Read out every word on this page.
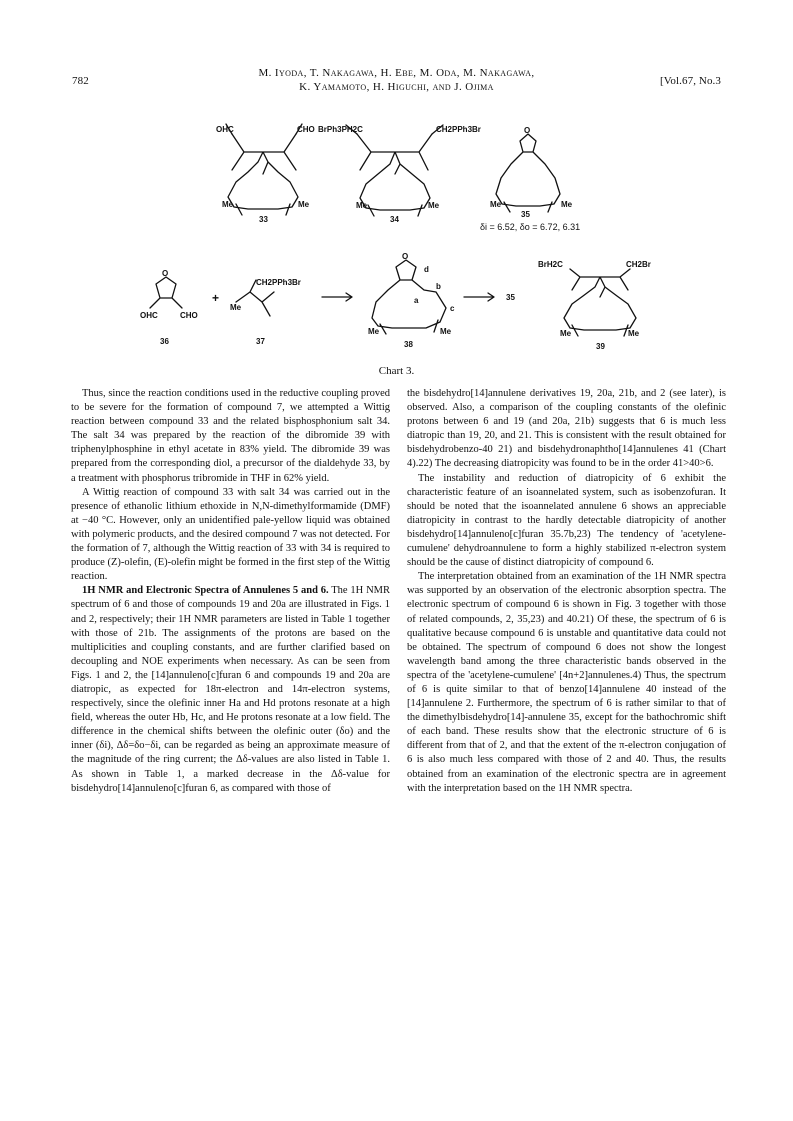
782
M. Iyoda, T. Nakagawa, H. Ebe, M. Oda, M. Nakagawa,
K. Yamamoto, H. Higuchi, and J. Ojima	[Vol.67, No.3
OHC	CHO
Me	Me
33
BrPh3PH2C	CH2PPh3Br
Me	Me
34
O
Me	Me
35
δi = 6.52, δo = 6.72, 6.31
O
OHC	CHO
36
+
CH2PPh3Br
Me
37
O
d
b
a
c
Me	Me
38
35
BrH2C	CH2Br
Me	Me
39
Chart 3.

Thus, since the reaction conditions used in the reductive coupling proved to be severe for the formation of compound 7, we attempted a Wittig reaction between compound 33 and the related bisphosphonium salt 34. The salt 34 was prepared by the reaction of the dibromide 39 with triphenylphosphine in ethyl acetate in 83% yield. The dibromide 39 was prepared from the corresponding diol, a precursor of the dialdehyde 33, by a treatment with phosphorus tribromide in THF in 62% yield.

A Wittig reaction of compound 33 with salt 34 was carried out in the presence of ethanolic lithium ethoxide in N,N-dimethylformamide (DMF) at −40 °C. However, only an unidentified pale-yellow liquid was obtained with polymeric products, and the desired compound 7 was not detected. For the formation of 7, although the Wittig reaction of 33 with 34 is required to produce (Z)-olefin, (E)-olefin might be formed in the first step of the Wittig reaction.

1H NMR and Electronic Spectra of Annulenes 5 and 6. The 1H NMR spectrum of 6 and those of compounds 19 and 20a are illustrated in Figs. 1 and 2, respectively; their 1H NMR parameters are listed in Table 1 together with those of 21b. The assignments of the protons are based on the multiplicities and coupling constants, and are further clarified based on decoupling and NOE experiments when necessary. As can be seen from Figs. 1 and 2, the [14]annuleno[c]furan 6 and compounds 19 and 20a are diatropic, as expected for 18π-electron and 14π-electron systems, respectively, since the olefinic inner Ha and Hd protons resonate at a high field, whereas the outer Hb, Hc, and He protons resonate at a low field. The difference in the chemical shifts between the olefinic outer (δo) and the inner (δi), Δδ=δo−δi, can be regarded as being an approximate measure of the magnitude of the ring current; the Δδ-values are also listed in Table 1. As shown in Table 1, a marked decrease in the Δδ-value for bisdehydro[14]annuleno[c]furan 6, as compared with those of

the bisdehydro[14]annulene derivatives 19, 20a, 21b, and 2 (see later), is observed. Also, a comparison of the coupling constants of the olefinic protons between 6 and 19 (and 20a, 21b) suggests that 6 is much less diatropic than 19, 20, and 21. This is consistent with the result obtained for bisdehydrobenzo-40 21) and bisdehydronaphtho[14]annulenes 41 (Chart 4).22) The decreasing diatropicity was found to be in the order 41>40>6.

The instability and reduction of diatropicity of 6 exhibit the characteristic feature of an isoannelated system, such as isobenzofuran. It should be noted that the isoannelated annulene 6 shows an appreciable diatropicity in contrast to the hardly detectable diatropicity of another bisdehydro[14]annuleno[c]furan 35.7b,23) The tendency of 'acetylene-cumulene' dehydroannulene to form a highly stabilized π-electron system should be the cause of distinct diatropicity of compound 6.

The interpretation obtained from an examination of the 1H NMR spectra was supported by an observation of the electronic absorption spectra. The electronic spectrum of compound 6 is shown in Fig. 3 together with those of related compounds, 2, 35,23) and 40.21) Of these, the spectrum of 6 is qualitative because compound 6 is unstable and quantitative data could not be obtained. The spectrum of compound 6 does not show the longest wavelength band among the three characteristic bands observed in the spectra of the 'acetylene-cumulene' [4n+2]annulenes.4) Thus, the spectrum of 6 is quite similar to that of benzo[14]annulene 40 instead of the [14]annulene 2. Furthermore, the spectrum of 6 is rather similar to that of the dimethylbisdehydro[14]-annulene 35, except for the bathochromic shift of each band. These results show that the electronic structure of 6 is different from that of 2, and that the extent of the π-electron conjugation of 6 is also much less compared with those of 2 and 40. Thus, the results obtained from an examination of the electronic spectra are in agreement with the interpretation based on the 1H NMR spectra.
